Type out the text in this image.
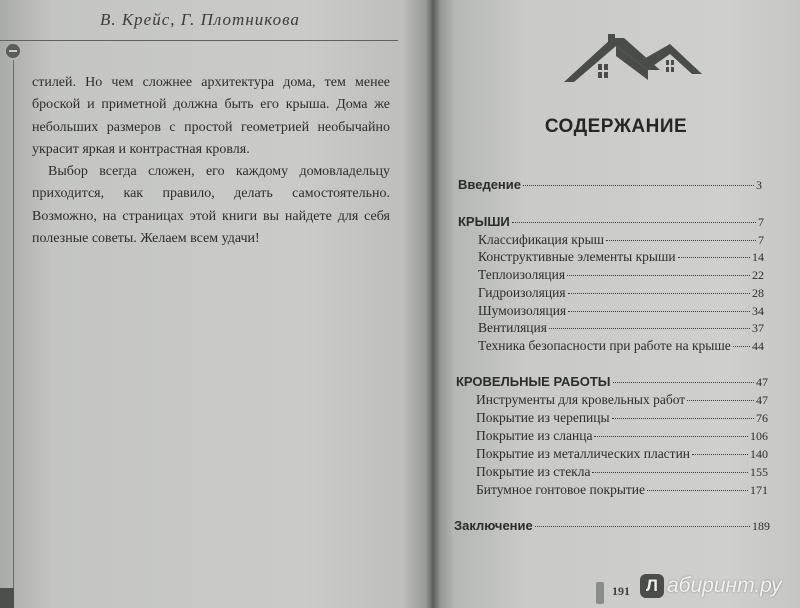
В. Крейс, Г. Плотникова

стилей. Но чем сложнее архитектура дома, тем менее броской и приметной должна быть его крыша. Дома же небольших размеров с простой геометрией необычайно украсит яркая и контрастная кровля.

Выбор всегда сложен, его каждому домовладельцу приходится, как правило, делать самостоятельно. Возможно, на страницах этой книги вы найдете для себя полезные советы. Желаем всем удачи!

СОДЕРЖАНИЕ
Введение	3
КРЫШИ	7
Классификация крыш	7
Конструктивные элементы крыши	14
Теплоизоляция	22
Гидроизоляция	28
Шумоизоляция	34
Вентиляция	37
Техника безопасности при работе на крыше 44
КРОВЕЛЬНЫЕ РАБОТЫ	47
Инструменты для кровельных работ	47
Покрытие из черепицы	76
Покрытие из сланца	106
Покрытие из металлических пластин	140
Покрытие из стекла	155
Битумное гонтовое покрытие	171
Заключение	189
191 Л абиринт.ру
